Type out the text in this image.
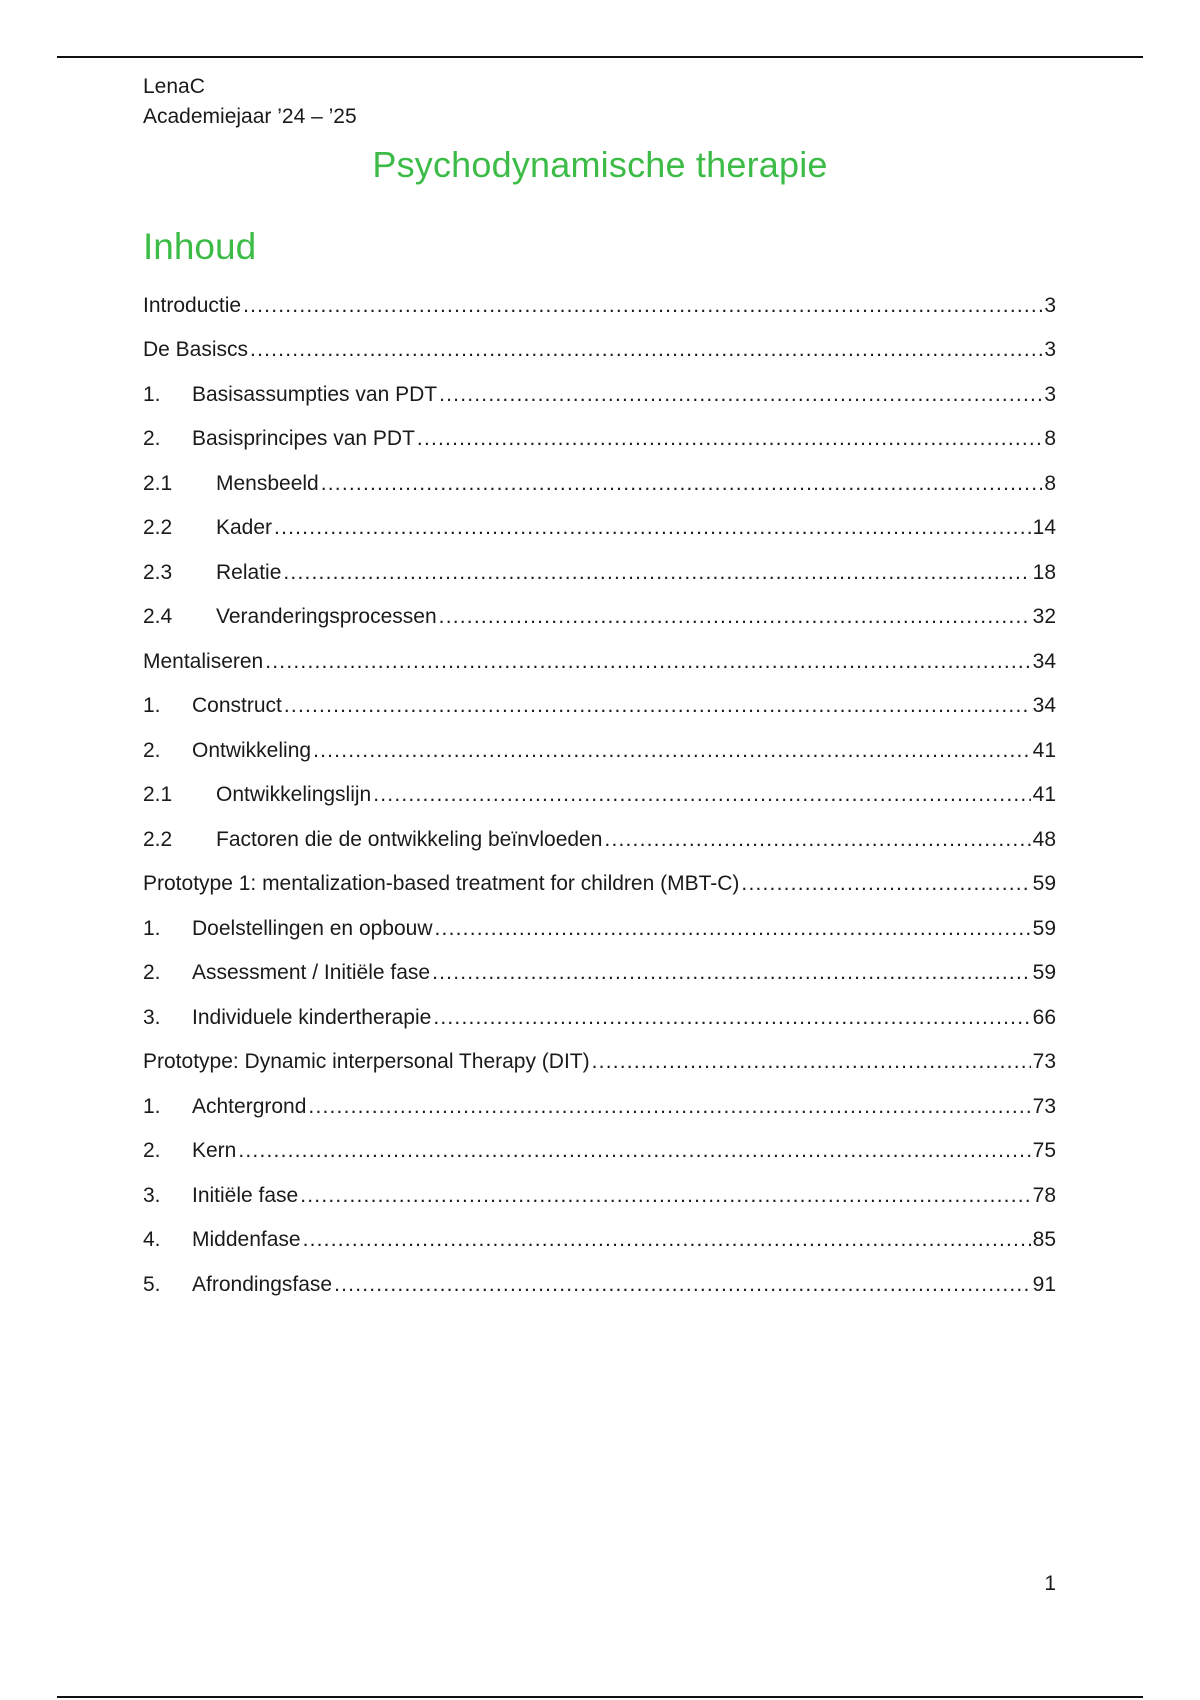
LenaC
Academiejaar ’24 – ’25
Psychodynamische therapie
Inhoud
Introductie .....	3
De Basiscs .....	3
1.	Basisassumpties van PDT .....	3
2.	Basisprincipes van PDT .....	8
2.1	Mensbeeld .....	8
2.2	Kader .....	14
2.3	Relatie .....	18
2.4	Veranderingsprocessen .....	32
Mentaliseren .....	34
1.	Construct .....	34
2.	Ontwikkeling .....	41
2.1	Ontwikkelingslijn .....	41
2.2	Factoren die de ontwikkeling beïnvloeden .....	48
Prototype 1: mentalization-based treatment for children (MBT-C) .....	59
1.	Doelstellingen en opbouw .....	59
2.	Assessment / Initiële fase .....	59
3.	Individuele kindertherapie .....	66
Prototype: Dynamic interpersonal Therapy (DIT) .....	73
1.	Achtergrond .....	73
2.	Kern .....	75
3.	Initiële fase .....	78
4.	Middenfase .....	85
5.	Afrondingsfase .....	91
1
